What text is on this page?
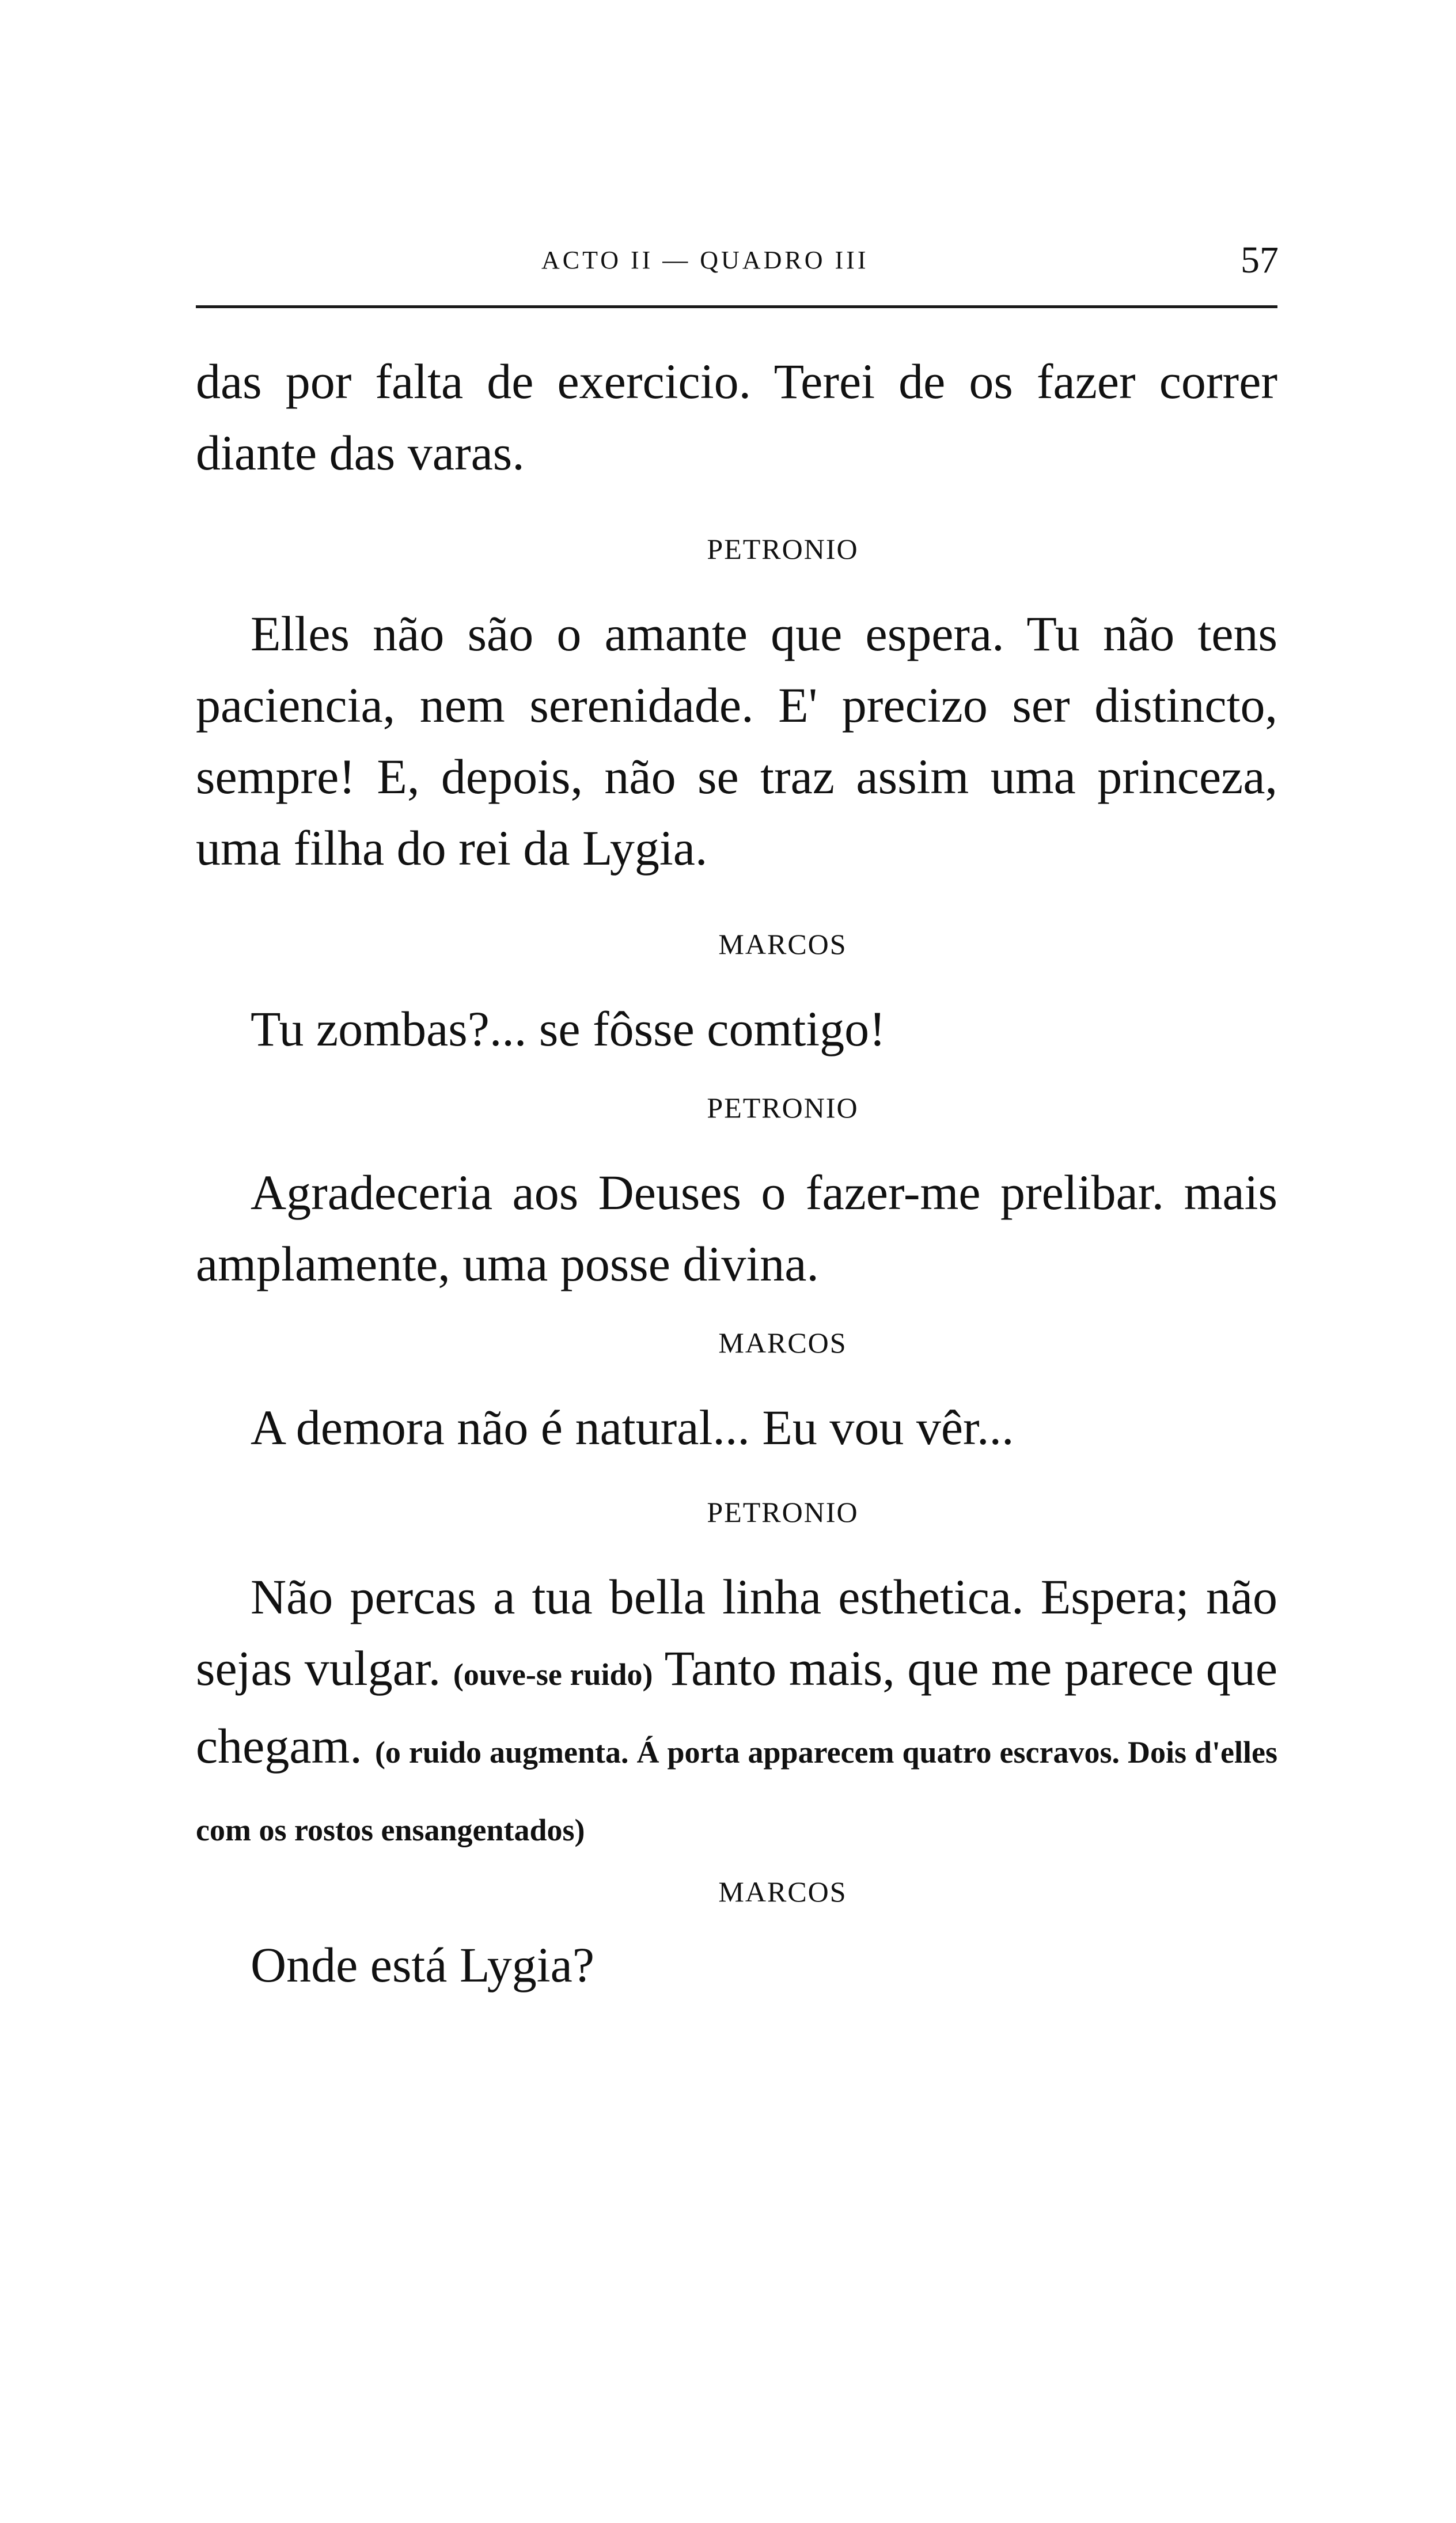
ACTO II — QUADRO III	57

das por falta de exercicio. Terei de os fazer correr diante das varas.

PETRONIO

Elles não são o amante que espera. Tu não tens paciencia, nem serenidade. E' precizo ser distincto, sempre! E, depois, não se traz assim uma princeza, uma filha do rei da Lygia.

MARCOS

Tu zombas?... se fôsse comtigo!

PETRONIO

Agradeceria aos Deuses o fazer-me prelibar. mais amplamente, uma posse divina.

MARCOS

A demora não é natural... Eu vou vêr...

PETRONIO

Não percas a tua bella linha esthetica. Espera; não sejas vulgar. (ouve-se ruido) Tanto mais, que me parece que chegam. (o ruido augmenta. Á porta apparecem quatro escravos. Dois d'elles com os rostos ensangentados)

MARCOS

Onde está Lygia?
